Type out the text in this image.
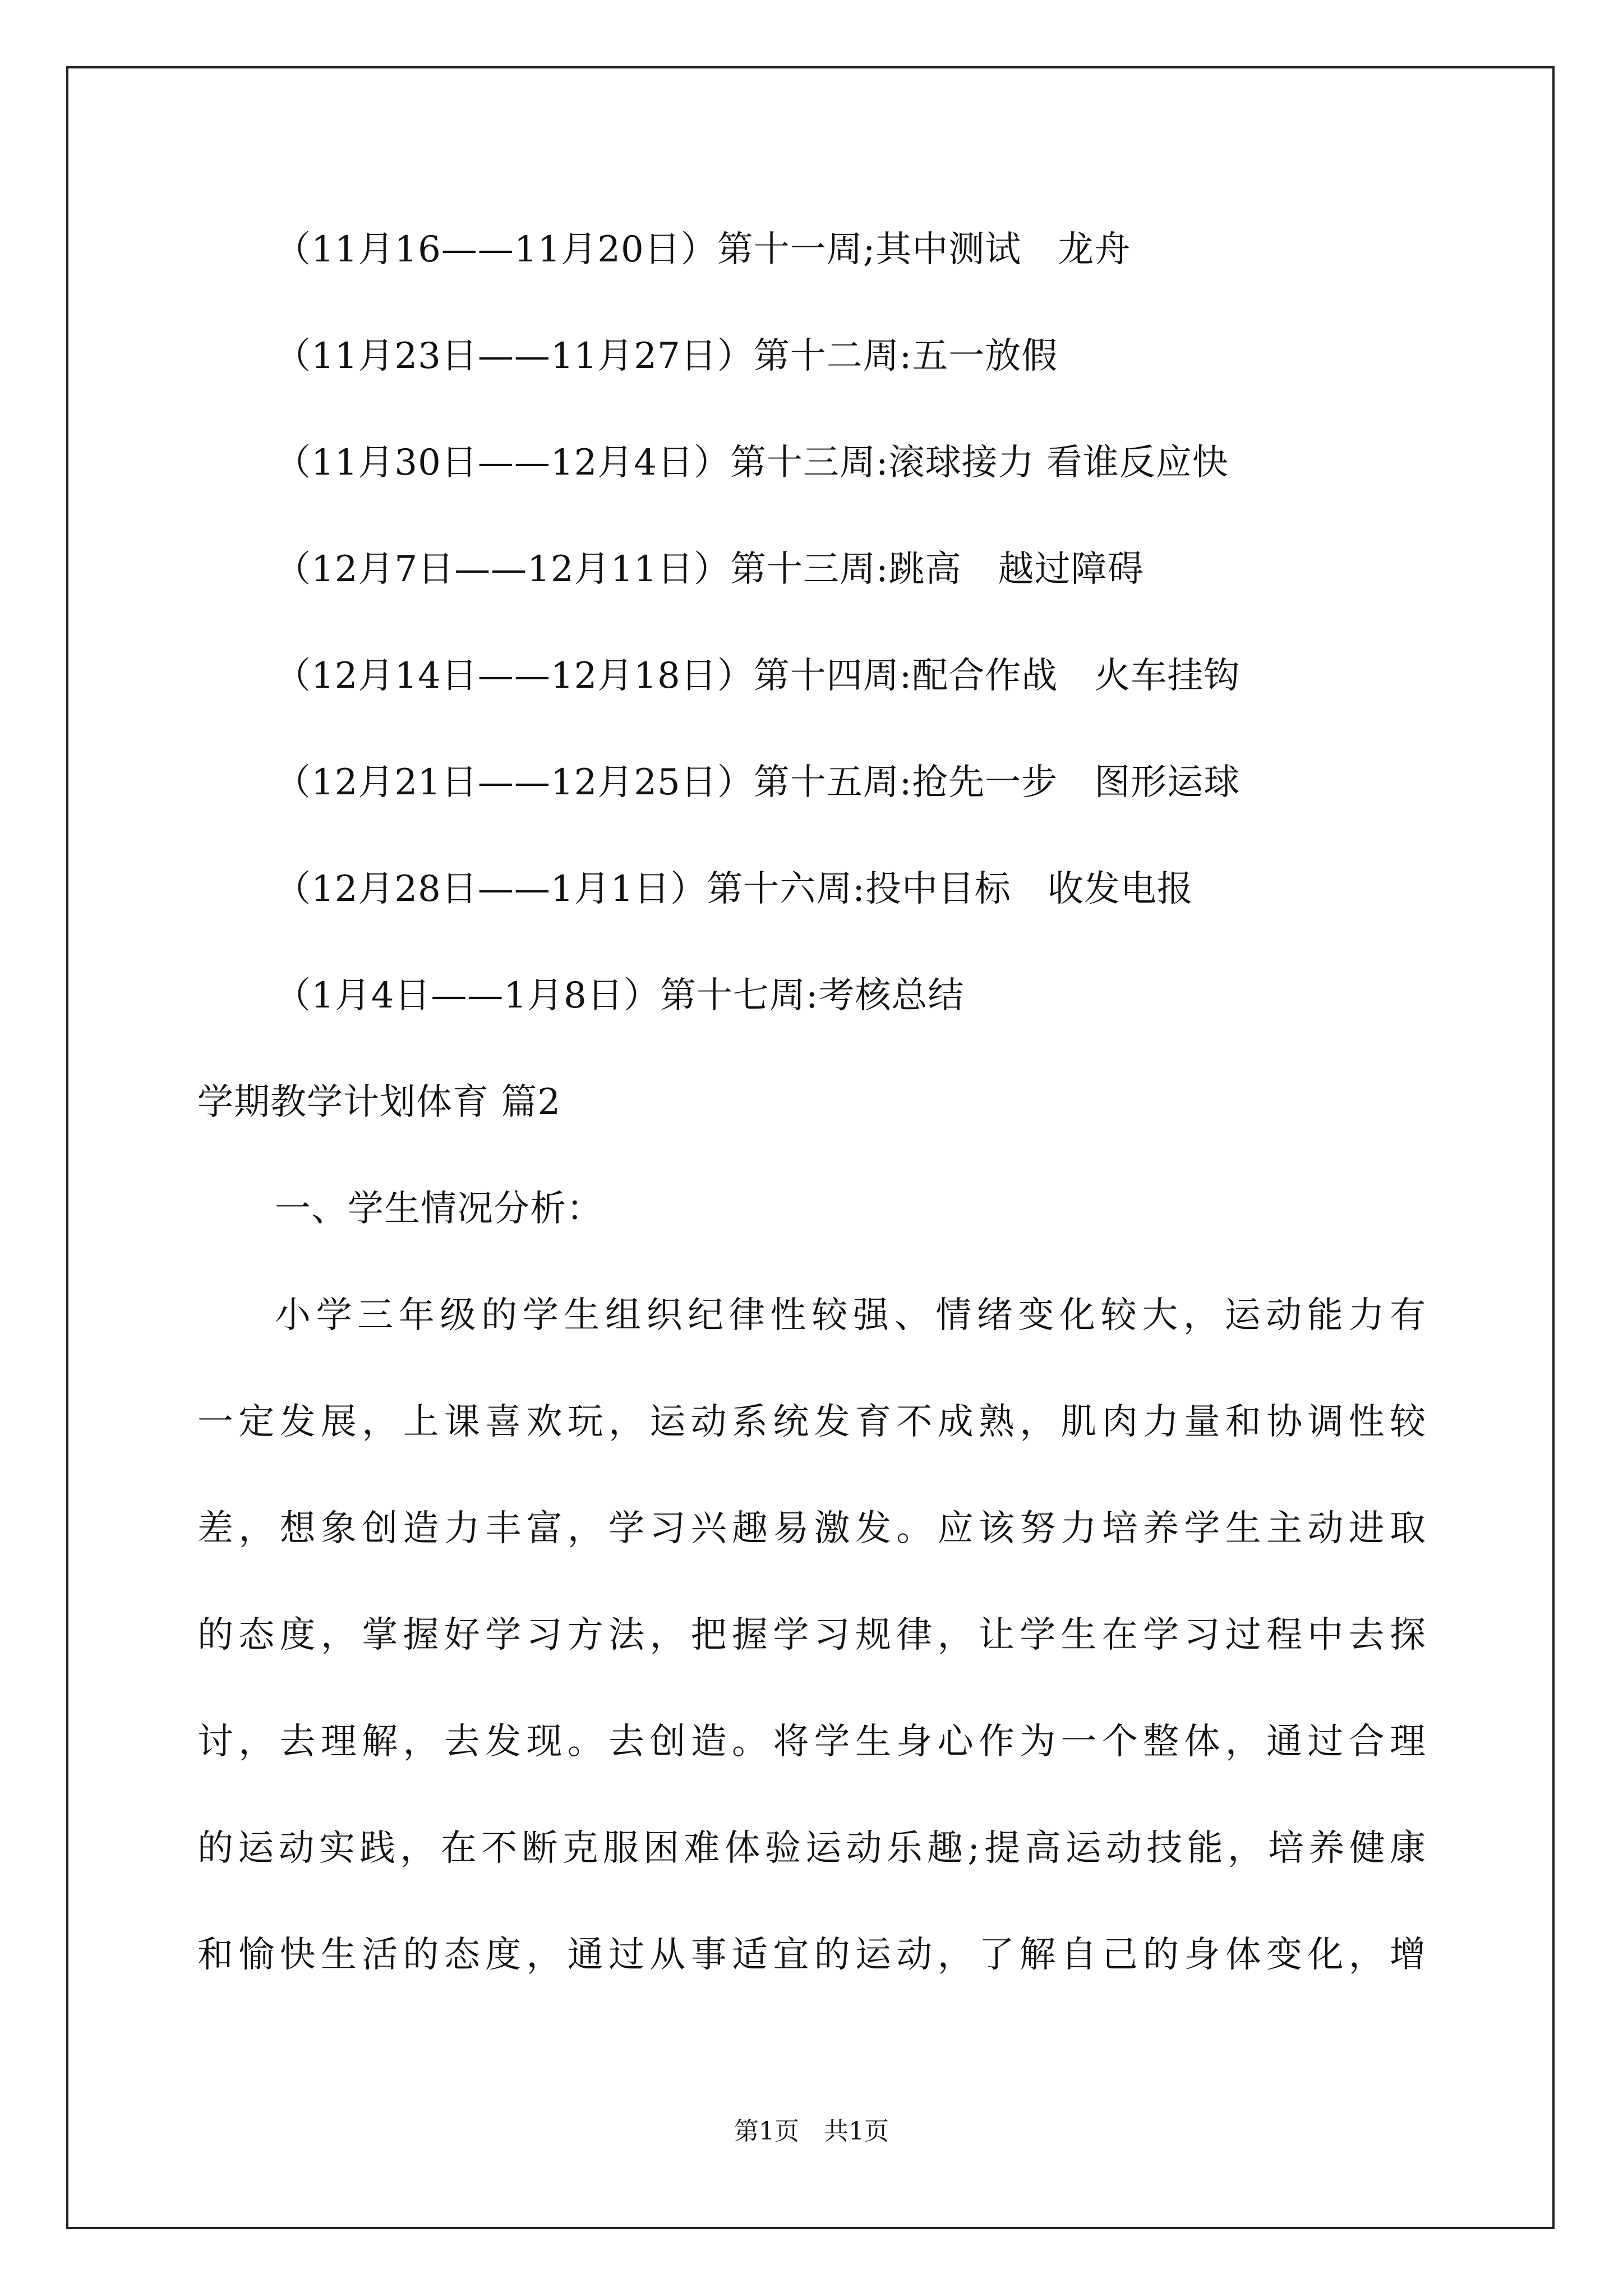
（11月16——11月20日）第十一周;其中测试　龙舟
（11月23日——11月27日）第十二周:五一放假
（11月30日——12月4日）第十三周:滚球接力 看谁反应快
（12月7日——12月11日）第十三周:跳高　越过障碍
（12月14日——12月18日）第十四周:配合作战　火车挂钩
（12月21日——12月25日）第十五周:抢先一步　图形运球
（12月28日——1月1日）第十六周:投中目标　收发电报
（1月4日——1月8日）第十七周:考核总结
学期教学计划体育 篇2
一、学生情况分析：
小学三年级的学生组织纪律性较强、情绪变化较大，运动能力有
一定发展，上课喜欢玩，运动系统发育不成熟，肌肉力量和协调性较
差，想象创造力丰富，学习兴趣易激发。应该努力培养学生主动进取
的态度，掌握好学习方法，把握学习规律，让学生在学习过程中去探
讨，去理解，去发现。去创造。将学生身心作为一个整体，通过合理
的运动实践，在不断克服困难体验运动乐趣;提高运动技能，培养健康
和愉快生活的态度，通过从事适宜的运动，了解自己的身体变化，增
第1页　共1页
